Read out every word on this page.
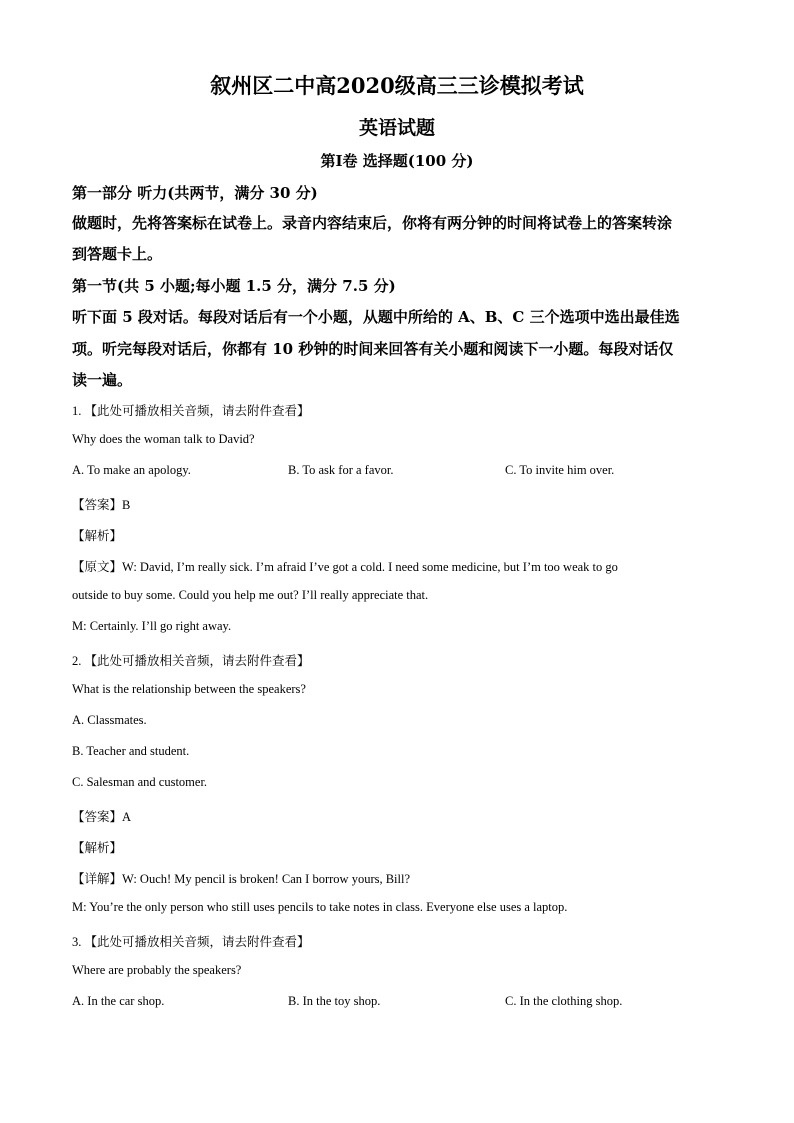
叙州区二中高2020级高三三诊模拟考试
英语试题
第I卷 选择题(100 分)
第一部分 听力(共两节，满分 30 分)
做题时，先将答案标在试卷上。录音内容结束后，你将有两分钟的时间将试卷上的答案转涂
到答题卡上。
第一节(共 5 小题;每小题 1.5 分，满分 7.5 分)
听下面 5 段对话。每段对话后有一个小题，从题中所给的 A、B、C 三个选项中选出最佳选
项。听完每段对话后，你都有 10 秒钟的时间来回答有关小题和阅读下一小题。每段对话仅
读一遍。
1. 【此处可播放相关音频，请去附件查看】
Why does the woman talk to David?
A. To make an apology.	B. To ask for a favor.	C. To invite him over.
【答案】B
【解析】
【原文】W: David, I’m really sick. I’m afraid I’ve got a cold. I need some medicine, but I’m too weak to go
outside to buy some. Could you help me out? I’ll really appreciate that.
M: Certainly. I’ll go right away.
2. 【此处可播放相关音频，请去附件查看】
What is the relationship between the speakers?
A. Classmates.
B. Teacher and student.
C. Salesman and customer.
【答案】A
【解析】
【详解】W: Ouch! My pencil is broken! Can I borrow yours, Bill?
M: You’re the only person who still uses pencils to take notes in class. Everyone else uses a laptop.
3. 【此处可播放相关音频，请去附件查看】
Where are probably the speakers?
A. In the car shop.	B. In the toy shop.	C. In the clothing shop.
